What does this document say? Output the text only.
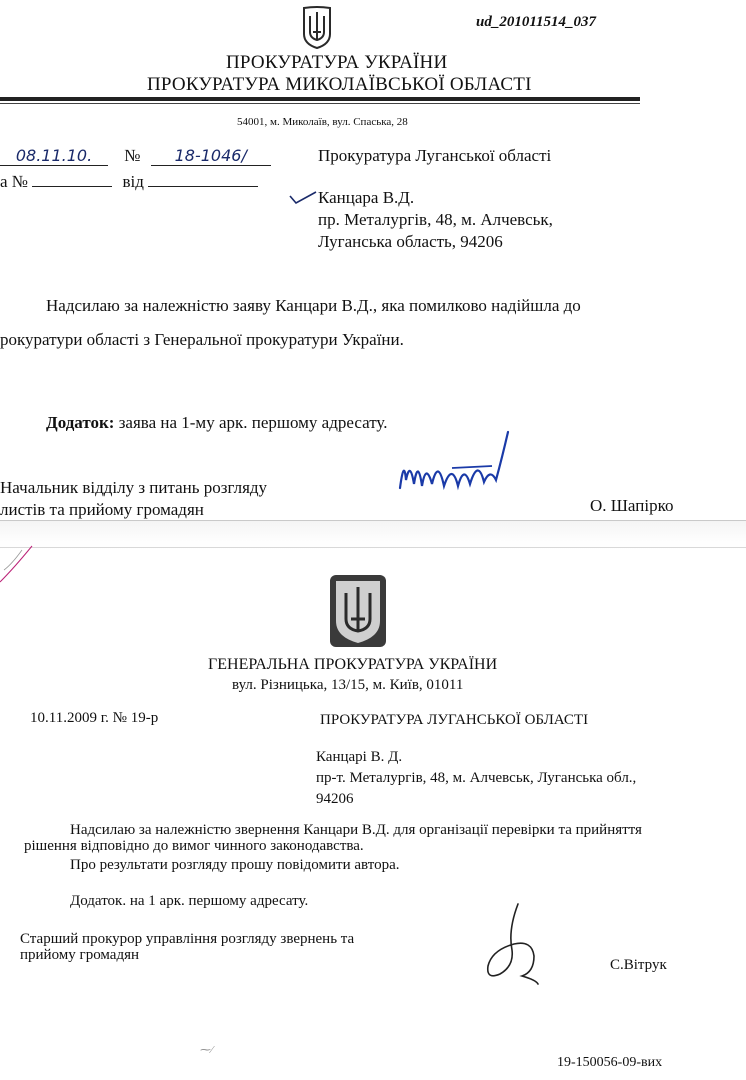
ud_201011514_037
ПРОКУРАТУРА УКРАЇНИ
ПРОКУРАТУРА МИКОЛАЇВСЬКОЇ ОБЛАСТІ
54001, м. Миколаїв, вул. Спаська, 28
08.11.10. № 18-1046/
а №	від
Прокуратура Луганської області
Канцара В.Д.
пр. Металургів, 48, м. Алчевськ,
Луганська область, 94206
Надсилаю за належністю заяву Канцари В.Д., яка помилково надійшла до
рокуратури області з Генеральної прокуратури України.
Додаток: заява на 1-му арк. першому адресату.
Начальник відділу з питань розгляду
листів та прийому громадян	О. Шапірко
ГЕНЕРАЛЬНА ПРОКУРАТУРА УКРАЇНИ
вул. Різницька, 13/15, м. Київ, 01011
10.11.2009 г. № 19-р	ПРОКУРАТУРА ЛУГАНСЬКОЇ ОБЛАСТІ
Канцарі В. Д.
пр-т. Металургів, 48, м. Алчевськ, Луганська обл.,
94206
Надсилаю за належністю звернення Канцари В.Д. для організації перевірки та прийняття
рішення відповідно до вимог чинного законодавства.
Про результати розгляду прошу повідомити автора.
Додаток. на 1 арк. першому адресату.
Старший прокурор управління розгляду звернень та
прийому громадян
С.Вітрук
⁓⁄
19-150056-09-вих
